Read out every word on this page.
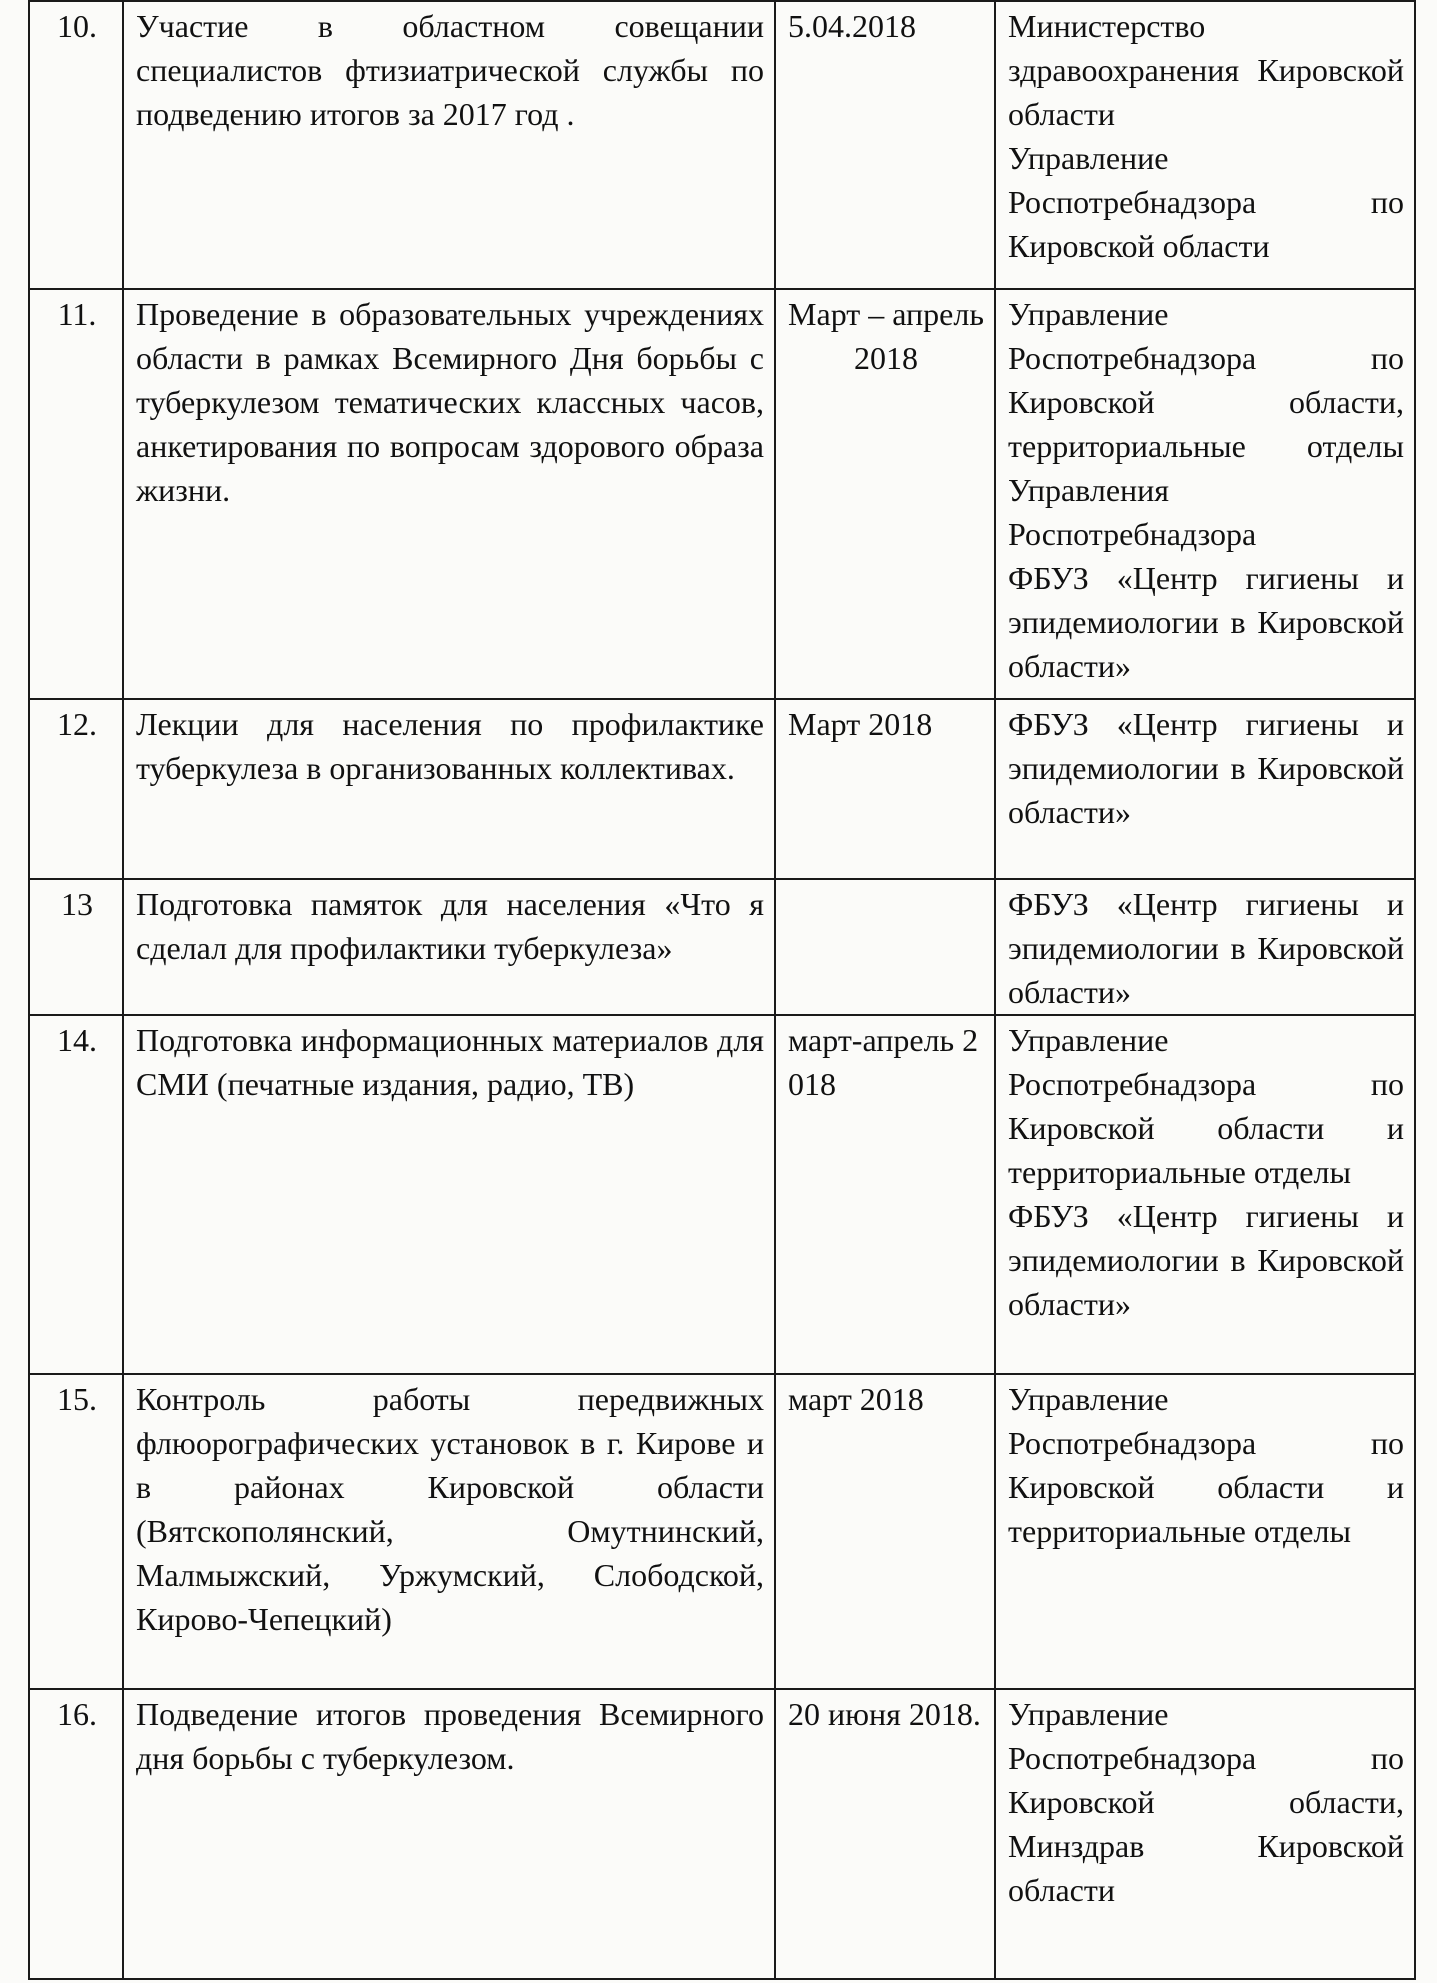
10.	Участие в областном совещании специалистов фтизиатрической службы по подведению итогов за 2017 год .	5.04.2018	Министерство здравоохранения Кировской области
Управление Роспотребнадзора по Кировской области

11.	Проведение в образовательных учреждениях области в рамках Всемирного Дня борьбы с туберкулезом тематических классных часов, анкетирования по вопросам здорового образа жизни.	Март – апрель 2018	Управление Роспотребнадзора по Кировской области, территориальные отделы Управления Роспотребнадзора
ФБУЗ «Центр гигиены и эпидемиологии в Кировской области»

12.	Лекции для населения по профилактике туберкулеза в организованных коллективах.	Март 2018	ФБУЗ «Центр гигиены и эпидемиологии в Кировской области»

13	Подготовка памяток для населения «Что я сделал для профилактики туберкулеза»		ФБУЗ «Центр гигиены и эпидемиологии в Кировской области»

14.	Подготовка информационных материалов для СМИ (печатные издания, радио, ТВ)	март-апрель 2018	Управление Роспотребнадзора по Кировской области и территориальные отделы
ФБУЗ «Центр гигиены и эпидемиологии в Кировской области»

15.	Контроль работы передвижных флюорографических установок в г. Кирове и в районах Кировской области (Вятскополянский, Омутнинский, Малмыжский, Уржумский, Слободской, Кирово-Чепецкий)	март 2018	Управление Роспотребнадзора по Кировской области и территориальные отделы

16.	Подведение итогов проведения Всемирного дня борьбы с туберкулезом.	20 июня 2018.	Управление Роспотребнадзора по Кировской области, Минздрав Кировской области
